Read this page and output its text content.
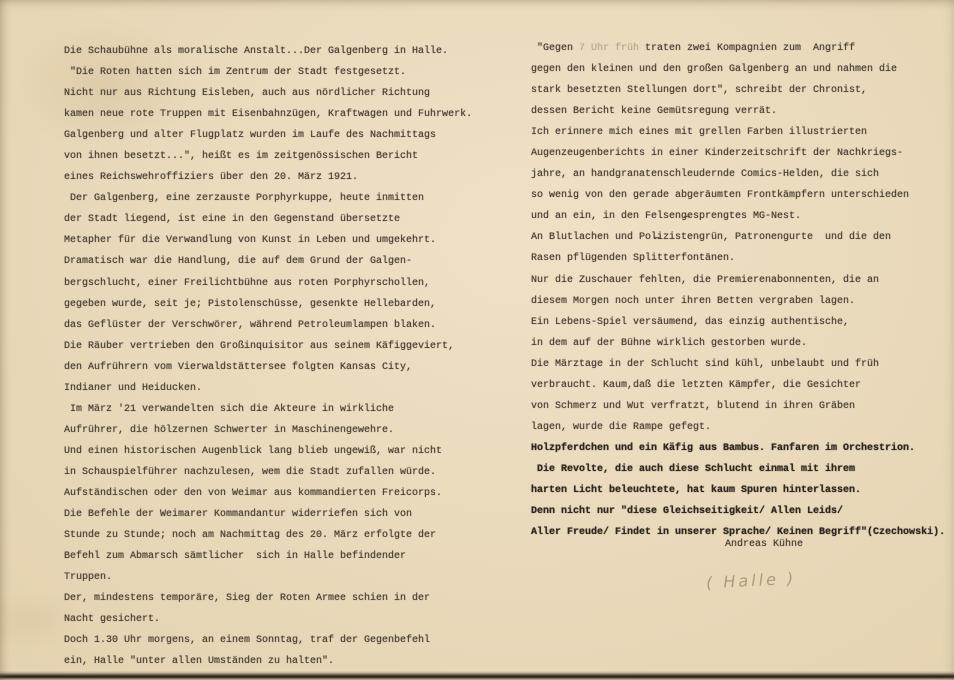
Die Schaubühne als moralische Anstalt...Der Galgenberg in Halle.
"Die Roten hatten sich im Zentrum der Stadt festgesetzt.
Nicht nur aus Richtung Eisleben, auch aus nördlicher Richtung
kamen neue rote Truppen mit Eisenbahnzügen, Kraftwagen und Fuhrwerk.
Galgenberg und alter Flugplatz wurden im Laufe des Nachmittags
von ihnen besetzt...", heißt es im zeitgenössischen Bericht
eines Reichswehroffiziers über den 20. März 1921.
Der Galgenberg, eine zerzauste Porphyrkuppe, heute inmitten
der Stadt liegend, ist eine in den Gegenstand übersetzte
Metapher für die Verwandlung von Kunst in Leben und umgekehrt.
Dramatisch war die Handlung, die auf dem Grund der Galgen-
bergschlucht, einer Freilichtbühne aus roten Porphyrschollen,
gegeben wurde, seit je; Pistolenschüsse, gesenkte Hellebarden,
das Geflüster der Verschwörer, während Petroleumlampen blaken.
Die Räuber vertrieben den Großinquisitor aus seinem Käfiggeviert,
den Aufrührern vom Vierwaldstättersee folgten Kansas City,
Indianer und Heiducken.
Im März '21 verwandelten sich die Akteure in wirkliche
Aufrührer, die hölzernen Schwerter in Maschinengewehre.
Und einen historischen Augenblick lang blieb ungewiß, war nicht
in Schauspielführer nachzulesen, wem die Stadt zufallen würde.
Aufständischen oder den von Weimar aus kommandierten Freicorps.
Die Befehle der Weimarer Kommandantur widerriefen sich von
Stunde zu Stunde; noch am Nachmittag des 20. März erfolgte der
Befehl zum Abmarsch sämtlicher  sich in Halle befindender
Truppen.
Der, mindestens temporäre, Sieg der Roten Armee schien in der
Nacht gesichert.
Doch 1.30 Uhr morgens, an einem Sonntag, traf der Gegenbefehl
ein, Halle "unter allen Umständen zu halten".
"Gegen 7 Uhr früh traten zwei Kompagnien zum  Angriff
gegen den kleinen und den großen Galgenberg an und nahmen die
stark besetzten Stellungen dort", schreibt der Chronist,
dessen Bericht keine Gemütsregung verrät.
Ich erinnere mich eines mit grellen Farben illustrierten
Augenzeugenberichts in einer Kinderzeitschrift der Nachkriegs-
jahre, an handgranatenschleudernde Comics-Helden, die sich
so wenig von den gerade abgeräumten Frontkämpfern unterschieden
und an ein, in den Felseng̶esprengtes MG-Nest.
An Blutlachen und Pol̶izistengrün, Patronengurte  und die den
Rasen pflügenden Splitterfontänen.
Nur die Zuschauer fehlten, die Premierenabonnenten, die an
diesem Morgen noch unter ihren Betten vergraben lagen.
Ein Lebens-Spiel versäumend, das einzig authentische,
in dem auf der Bühne wirklich gestorben wurde.
Die Märztage in der Schlucht sind kühl, unbelaubt und früh
verbraucht. Kaum,daß die letzten Kämpfer, die Gesichter
von Schmerz und Wut verfratzt, blutend in ihren Gräben
lagen, wurde die Rampe gefegt.
Holzpferdchen und ein Käfig aus Bambus. Fanfaren im Orchestrion.
Die Revolte, die auch diese Schlucht einmal mit ihrem
harten Licht beleuchtete, hat kaum Spuren hinterlassen.
Denn nicht nur "diese Gleichseitigkeit/ Allen Leids/
Aller Freude/ Findet in unserer Sprache/ Keinen Begriff"(Czechowski).
Andreas Kühne
( Halle )
